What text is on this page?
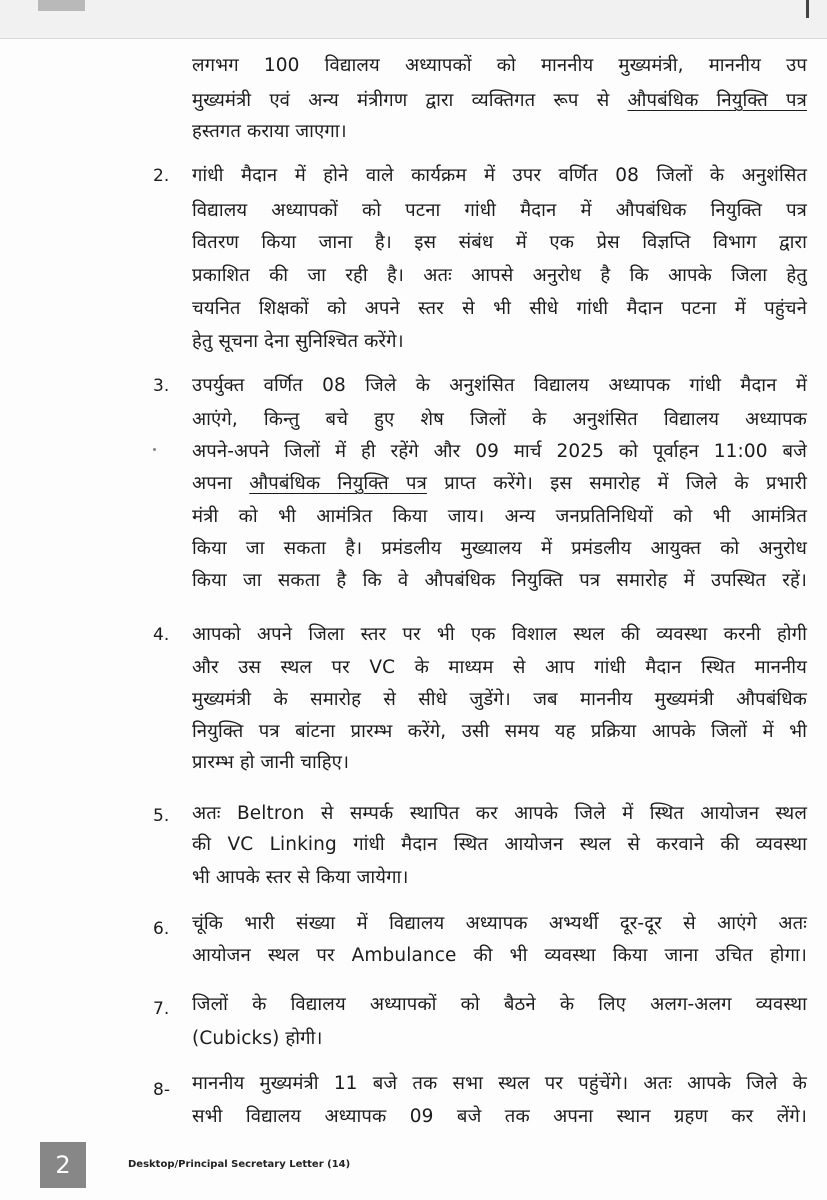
लगभग 100 विद्यालय अध्यापकों को माननीय मुख्यमंत्री, माननीय उप
मुख्यमंत्री एवं अन्य मंत्रीगण द्वारा व्यक्तिगत रूप से औपबंधिक नियुक्ति पत्र
हस्तगत कराया जाएगा।
2. गांधी मैदान में होने वाले कार्यक्रम में उपर वर्णित 08 जिलों के अनुशंसित
विद्यालय अध्यापकों को पटना गांधी मैदान में औपबंधिक नियुक्ति पत्र
वितरण किया जाना है। इस संबंध में एक प्रेस विज्ञप्ति विभाग द्वारा
प्रकाशित की जा रही है। अतः आपसे अनुरोध है कि आपके जिला हेतु
चयनित शिक्षकों को अपने स्तर से भी सीधे गांधी मैदान पटना में पहुंचने
हेतु सूचना देना सुनिश्चित करेंगे।
3. उपर्युक्त वर्णित 08 जिले के अनुशंसित विद्यालय अध्यापक गांधी मैदान में
आएंगे, किन्तु बचे हुए शेष जिलों के अनुशंसित विद्यालय अध्यापक
अपने-अपने जिलों में ही रहेंगे और 09 मार्च 2025 को पूर्वाहन 11:00 बजे
अपना औपबंधिक नियुक्ति पत्र प्राप्त करेंगे। इस समारोह में जिले के प्रभारी
मंत्री को भी आमंत्रित किया जाय। अन्य जनप्रतिनिधियों को भी आमंत्रित
किया जा सकता है। प्रमंडलीय मुख्यालय में प्रमंडलीय आयुक्त को अनुरोध
किया जा सकता है कि वे औपबंधिक नियुक्ति पत्र समारोह में उपस्थित रहें।
4. आपको अपने जिला स्तर पर भी एक विशाल स्थल की व्यवस्था करनी होगी
और उस स्थल पर VC के माध्यम से आप गांधी मैदान स्थित माननीय
मुख्यमंत्री के समारोह से सीधे जुडेंगे। जब माननीय मुख्यमंत्री औपबंधिक
नियुक्ति पत्र बांटना प्रारम्भ करेंगे, उसी समय यह प्रक्रिया आपके जिलों में भी
प्रारम्भ हो जानी चाहिए।
5. अतः Beltron से सम्पर्क स्थापित कर आपके जिले में स्थित आयोजन स्थल
की VC Linking गांधी मैदान स्थित आयोजन स्थल से करवाने की व्यवस्था
भी आपके स्तर से किया जायेगा।
6. चूंकि भारी संख्या में विद्यालय अध्यापक अभ्यर्थी दूर-दूर से आएंगे अतः
आयोजन स्थल पर Ambulance की भी व्यवस्था किया जाना उचित होगा।
7. जिलों के विद्यालय अध्यापकों को बैठने के लिए अलग-अलग व्यवस्था
(Cubicks) होगी।
8- माननीय मुख्यमंत्री 11 बजे तक सभा स्थल पर पहुंचेंगे। अतः आपके जिले के
सभी विद्यालय अध्यापक 09 बजे तक अपना स्थान ग्रहण कर लेंगे।
2	Desktop/Principal Secretary Letter (14)
